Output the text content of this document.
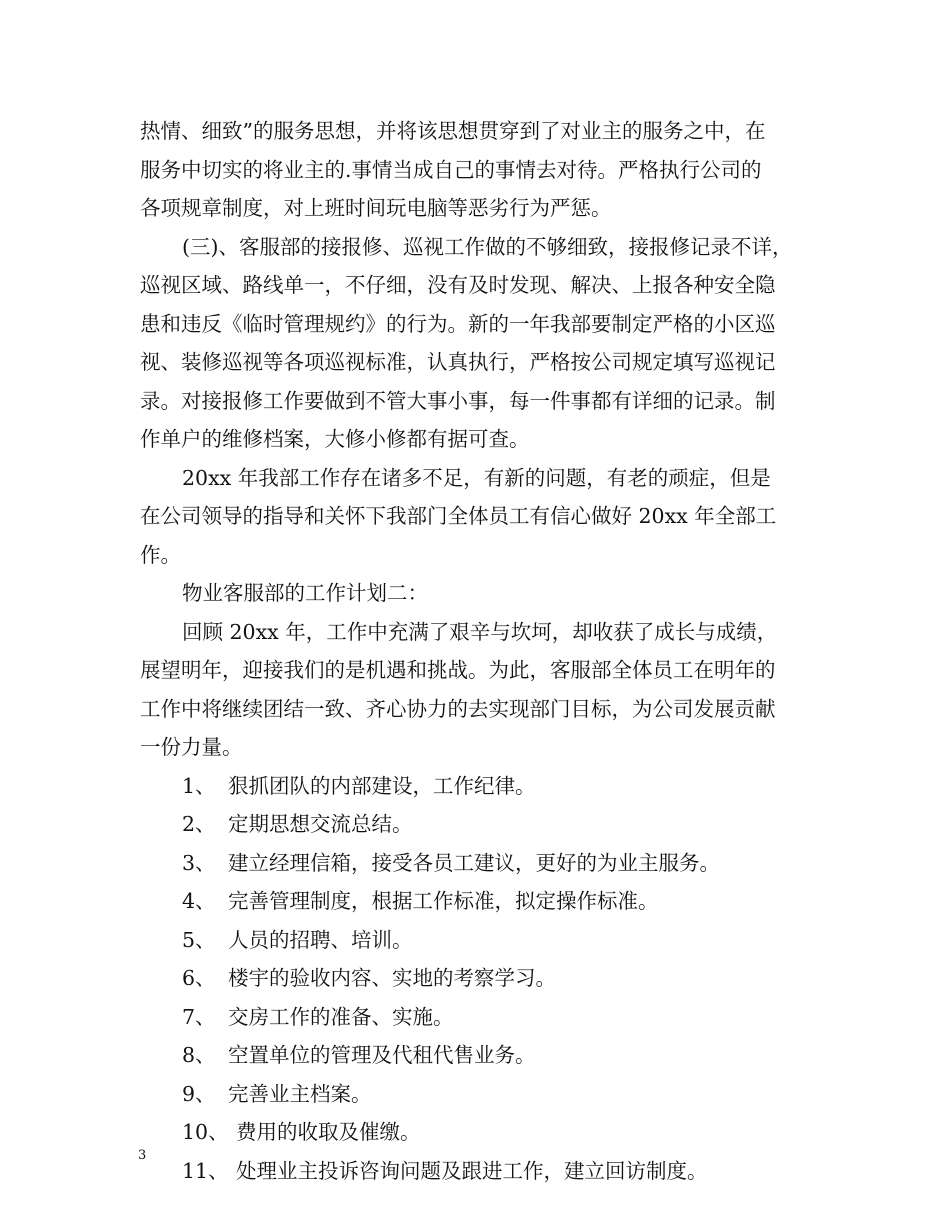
热情、细致”的服务思想，并将该思想贯穿到了对业主的服务之中，在

服务中切实的将业主的.事情当成自己的事情去对待。严格执行公司的

各项规章制度，对上班时间玩电脑等恶劣行为严惩。

(三)、客服部的接报修、巡视工作做的不够细致，接报修记录不详，

巡视区域、路线单一，不仔细，没有及时发现、解决、上报各种安全隐

患和违反《临时管理规约》的行为。新的一年我部要制定严格的小区巡

视、装修巡视等各项巡视标准，认真执行，严格按公司规定填写巡视记

录。对接报修工作要做到不管大事小事，每一件事都有详细的记录。制

作单户的维修档案，大修小修都有据可查。

20xx 年我部工作存在诸多不足，有新的问题，有老的顽症，但是

在公司领导的指导和关怀下我部门全体员工有信心做好 20xx 年全部工

作。

物业客服部的工作计划二：

回顾 20xx 年，工作中充满了艰辛与坎坷，却收获了成长与成绩，

展望明年，迎接我们的是机遇和挑战。为此，客服部全体员工在明年的

工作中将继续团结一致、齐心协力的去实现部门目标，为公司发展贡献

一份力量。

1、 狠抓团队的内部建设，工作纪律。

2、 定期思想交流总结。

3、 建立经理信箱，接受各员工建议，更好的为业主服务。

4、 完善管理制度，根据工作标准，拟定操作标准。

5、 人员的招聘、培训。

6、 楼宇的验收内容、实地的考察学习。

7、 交房工作的准备、实施。

8、 空置单位的管理及代租代售业务。

9、 完善业主档案。

10、 费用的收取及催缴。

11、 处理业主投诉咨询问题及跟进工作，建立回访制度。

3
